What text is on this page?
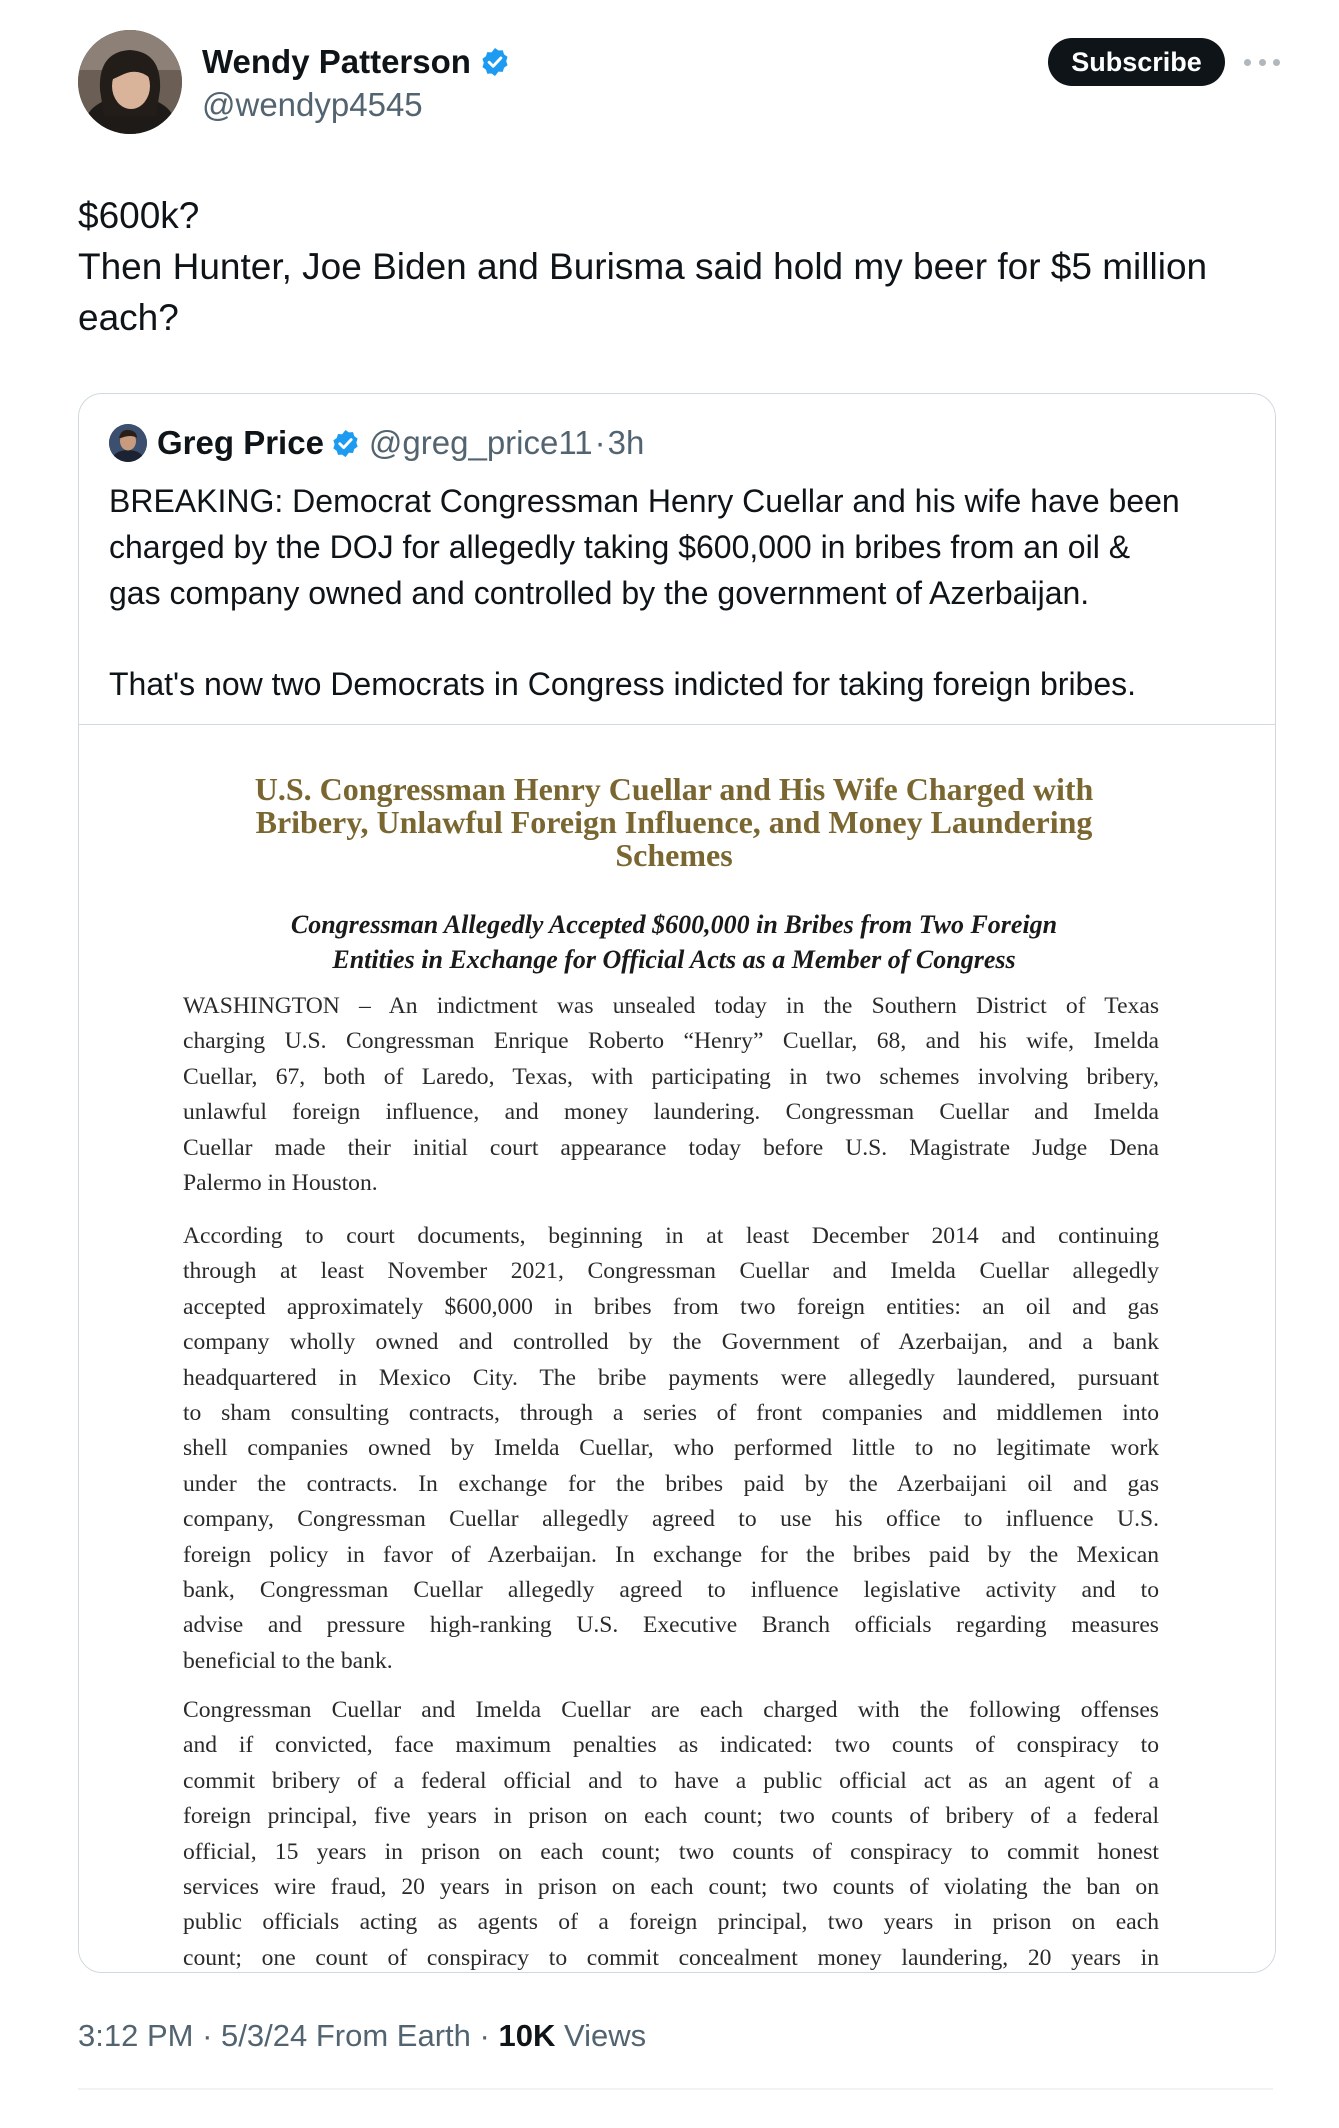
Wendy Patterson
@wendyp4545
Subscribe
$600k?
Then Hunter, Joe Biden and Burisma said hold my beer for $5 million
each?
Greg Price @greg_price11 · 3h
BREAKING: Democrat Congressman Henry Cuellar and his wife have been
charged by the DOJ for allegedly taking $600,000 in bribes from an oil &
gas company owned and controlled by the government of Azerbaijan.
That's now two Democrats in Congress indicted for taking foreign bribes.
U.S. Congressman Henry Cuellar and His Wife Charged with
Bribery, Unlawful Foreign Influence, and Money Laundering
Schemes
Congressman Allegedly Accepted $600,000 in Bribes from Two Foreign
Entities in Exchange for Official Acts as a Member of Congress
WASHINGTON – An indictment was unsealed today in the Southern District of Texas
charging U.S. Congressman Enrique Roberto “Henry” Cuellar, 68, and his wife, Imelda
Cuellar, 67, both of Laredo, Texas, with participating in two schemes involving bribery,
unlawful foreign influence, and money laundering. Congressman Cuellar and Imelda
Cuellar made their initial court appearance today before U.S. Magistrate Judge Dena
Palermo in Houston.
According to court documents, beginning in at least December 2014 and continuing
through at least November 2021, Congressman Cuellar and Imelda Cuellar allegedly
accepted approximately $600,000 in bribes from two foreign entities: an oil and gas
company wholly owned and controlled by the Government of Azerbaijan, and a bank
headquartered in Mexico City. The bribe payments were allegedly laundered, pursuant
to sham consulting contracts, through a series of front companies and middlemen into
shell companies owned by Imelda Cuellar, who performed little to no legitimate work
under the contracts. In exchange for the bribes paid by the Azerbaijani oil and gas
company, Congressman Cuellar allegedly agreed to use his office to influence U.S.
foreign policy in favor of Azerbaijan. In exchange for the bribes paid by the Mexican
bank, Congressman Cuellar allegedly agreed to influence legislative activity and to
advise and pressure high-ranking U.S. Executive Branch officials regarding measures
beneficial to the bank.
Congressman Cuellar and Imelda Cuellar are each charged with the following offenses
and if convicted, face maximum penalties as indicated: two counts of conspiracy to
commit bribery of a federal official and to have a public official act as an agent of a
foreign principal, five years in prison on each count; two counts of bribery of a federal
official, 15 years in prison on each count; two counts of conspiracy to commit honest
services wire fraud, 20 years in prison on each count; two counts of violating the ban on
public officials acting as agents of a foreign principal, two years in prison on each
count; one count of conspiracy to commit concealment money laundering, 20 years in
3:12 PM · 5/3/24 From Earth · 10K Views
